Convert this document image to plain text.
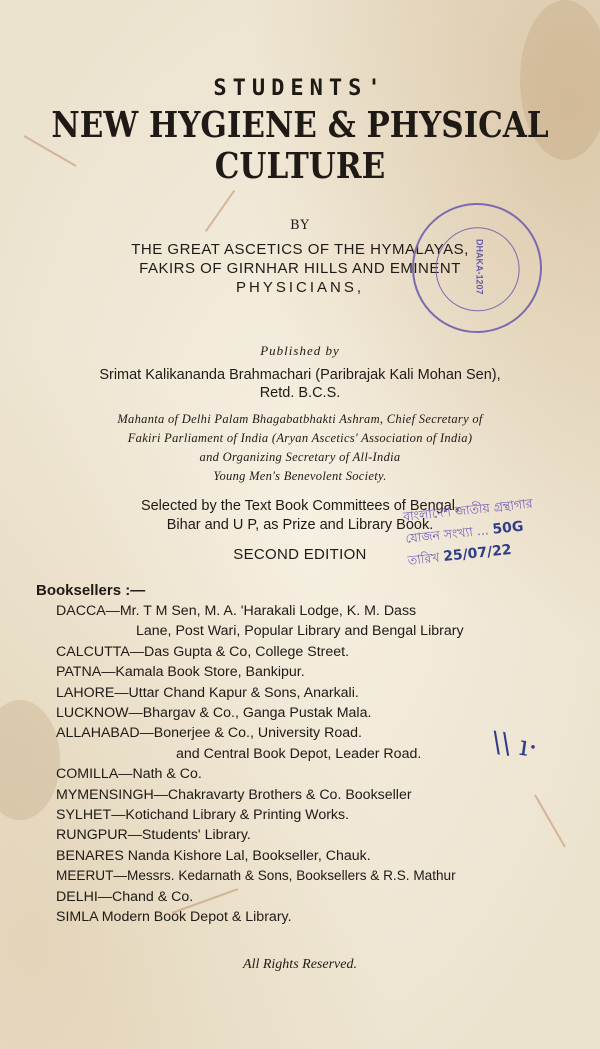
STUDENTS'
NEW HYGIENE & PHYSICAL CULTURE
BY
THE GREAT ASCETICS OF THE HYMALAYAS,
FAKIRS OF GIRNHAR HILLS AND EMINENT
PHYSICIANS,	DHAKA-1207
Published by
Srimat Kalikananda Brahmachari (Paribrajak Kali Mohan Sen),
Retd. B.C.S.
Mahanta of Delhi Palam Bhagabatbhakti Ashram, Chief Secretary of
Fakiri Parliament of India (Aryan Ascetics' Association of India)
and Organizing Secretary of All-India
Young Men's Benevolent Society.
Selected by the Text Book Committees of Bengal,
Bihar and U P, as Prize and Library Book.
বাংলাদেশ জাতীয় গ্রন্থাগার
যোজন সংখ্যা ... 50G
তারিখ 25/07/22
SECOND EDITION
Booksellers :—
DACCA—Mr. T M Sen, M. A. 'Harakali Lodge, K. M. Dass
Lane, Post Wari, Popular Library and Bengal Library
CALCUTTA—Das Gupta & Co, College Street.
PATNA—Kamala Book Store, Bankipur.
LAHORE—Uttar Chand Kapur & Sons, Anarkali.
LUCKNOW—Bhargav & Co., Ganga Pustak Mala.
ALLAHABAD—Bonerjee & Co., University Road.
and Central Book Depot, Leader Road.
COMILLA—Nath & Co.
MYMENSINGH—Chakravarty Brothers & Co. Bookseller
SYLHET—Kotichand Library & Printing Works.
RUNGPUR—Students' Library.
BENARES Nanda Kishore Lal, Bookseller, Chauk.
MEERUT—Messrs. Kedarnath & Sons, Booksellers & R.S. Mathur
DELHI—Chand & Co.
SIMLA Modern Book Depot & Library.
\\ ı·
All Rights Reserved.
